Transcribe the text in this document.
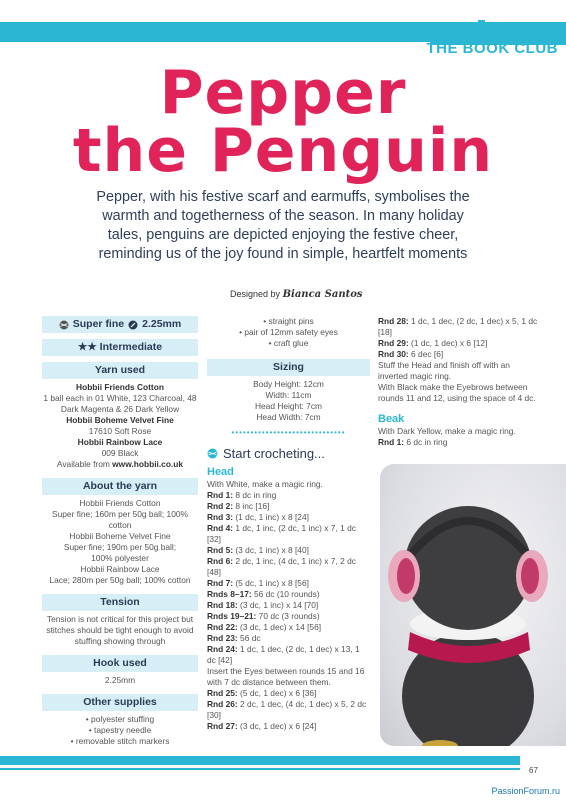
THE BOOK CLUB
Pepper
the Penguin
Pepper, with his festive scarf and earmuffs, symbolises the warmth and togetherness of the season. In many holiday tales, penguins are depicted enjoying the festive cheer, reminding us of the joy found in simple, heartfelt moments
Designed by Bianca Santos
Super fine 2.25mm
★★ Intermediate
Yarn used
Hobbii Friends Cotton
1 ball each in 01 White, 123 Charcoal, 48 Dark Magenta & 26 Dark Yellow
Hobbii Boheme Velvet Fine
17610 Soft Rose
Hobbii Rainbow Lace
009 Black
Available from www.hobbii.co.uk
About the yarn
Hobbii Friends Cotton
Super fine; 160m per 50g ball; 100% cotton
Hobbii Boheme Velvet Fine
Super fine; 190m per 50g ball;
100% polyester
Hobbii Rainbow Lace
Lace; 280m per 50g ball; 100% cotton
Tension
Tension is not critical for this project but stitches should be tight enough to avoid stuffing showing through
Hook used
2.25mm
Other supplies
• polyester stuffing
• tapestry needle
• removable stitch markers
• straight pins
• pair of 12mm safety eyes
• craft glue
Sizing
Body Height: 12cm
Width: 11cm
Head Height: 7cm
Head Width: 7cm
••••••••••••••••••••••••••••••
Start crocheting...
Head
With White, make a magic ring.
Rnd 1: 8 dc in ring
Rnd 2: 8 inc [16]
Rnd 3: (1 dc, 1 inc) x 8 [24]
Rnd 4: 1 dc, 1 inc, (2 dc, 1 inc) x 7, 1 dc [32]
Rnd 5: (3 dc, 1 inc) x 8 [40]
Rnd 6: 2 dc, 1 inc, (4 dc, 1 inc) x 7, 2 dc [48]
Rnd 7: (5 dc, 1 inc) x 8 [56]
Rnds 8–17: 56 dc (10 rounds)
Rnd 18: (3 dc, 1 inc) x 14 [70]
Rnds 19–21: 70 dc (3 rounds)
Rnd 22: (3 dc, 1 dec) x 14 [56]
Rnd 23: 56 dc
Rnd 24: 1 dc, 1 dec, (2 dc, 1 dec) x 13, 1 dc [42]
Insert the Eyes between rounds 15 and 16 with 7 dc distance between them.
Rnd 25: (5 dc, 1 dec) x 6 [36]
Rnd 26: 2 dc, 1 dec, (4 dc, 1 dec) x 5, 2 dc [30]
Rnd 27: (3 dc, 1 dec) x 6 [24]
Rnd 28: 1 dc, 1 dec, (2 dc, 1 dec) x 5, 1 dc [18]
Rnd 29: (1 dc, 1 dec) x 6 [12]
Rnd 30: 6 dec [6]
Stuff the Head and finish off with an inverted magic ring.
With Black make the Eyebrows between rounds 11 and 12, using the space of 4 dc.
Beak
With Dark Yellow, make a magic ring.
Rnd 1: 6 dc in ring
67
PassionForum.ru
